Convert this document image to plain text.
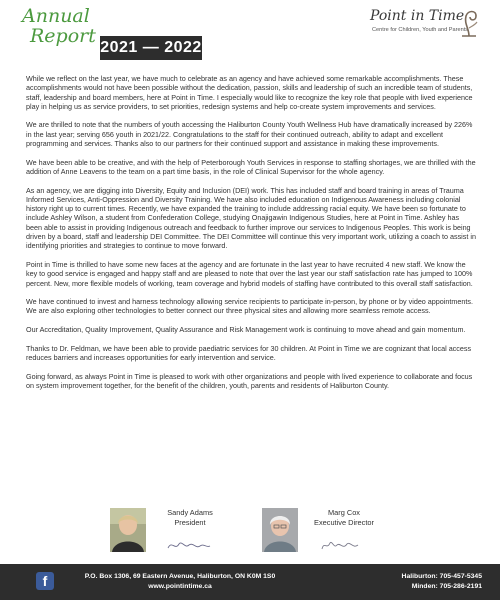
Annual
Report
2021 — 2022
Point in Time
Centre for Children, Youth and Parents

While we reflect on the last year, we have much to celebrate as an agency and have achieved some remarkable accomplishments. These accomplishments would not have been possible without the dedication, passion, skills and leadership of such an incredible team of students, staff, leadership and board members, here at Point in Time. I especially would like to recognize the key role that people with lived experience play in helping us as service providers, to set priorities, redesign systems and help co-create system improvements and services.

We are thrilled to note that the numbers of youth accessing the Haliburton County Youth Wellness Hub have dramatically increased by 226% in the last year; serving 656 youth in 2021/22. Congratulations to the staff for their continued outreach, ability to adapt and excellent programming and services. Thanks also to our partners for their continued support and assistance in making these improvements.

We have been able to be creative, and with the help of Peterborough Youth Services in response to staffing shortages, we are thrilled with the addition of Anne Leavens to the team on a part time basis, in the role of Clinical Supervisor for the whole agency.

As an agency, we are digging into Diversity, Equity and Inclusion (DEI) work. This has included staff and board training in areas of Trauma Informed Services, Anti-Oppression and Diversity Training. We have also included education on Indigenous Awareness including colonial history right up to current times. Recently, we have expanded the training to include addressing racial equity. We have been so fortunate to include Ashley Wilson, a student from Confederation College, studying Onajigawin Indigenous Studies, here at Point in Time. Ashley has been able to assist in providing Indigenous outreach and feedback to further improve our services to Indigenous Peoples. This work is being driven by a board, staff and leadership DEI Committee. The DEI Committee will continue this very important work, utilizing a coach to assist in identifying priorities and strategies to continue to move forward.

Point in Time is thrilled to have some new faces at the agency and are fortunate in the last year to have recruited 4 new staff. We know the key to good service is engaged and happy staff and are pleased to note that over the last year our staff satisfaction rate has jumped to 100% percent. New, more flexible models of working, team coverage and hybrid models of staffing have contributed to this overall staff satisfaction.

We have continued to invest and harness technology allowing service recipients to participate in-person, by phone or by video appointments. We are also exploring other technologies to better connect our three physical sites and allowing more seamless remote access.

Our Accreditation, Quality Improvement, Quality Assurance and Risk Management work is continuing to move ahead and gain momentum.

Thanks to Dr. Feldman, we have been able to provide paediatric services for 30 children. At Point in Time we are cognizant that local access reduces barriers and increases opportunities for early intervention and service.

Going forward, as always Point in Time is pleased to work with other organizations and people with lived experience to collaborate and focus on system improvement together, for the benefit of the children, youth, parents and residents of Haliburton County.

Sandy Adams
President
Marg Cox
Executive Director
f	P.O. Box 1306, 69 Eastern Avenue, Haliburton, ON K0M 1S0
www.pointintime.ca
Haliburton: 705-457-5345
Minden: 705-286-2191
